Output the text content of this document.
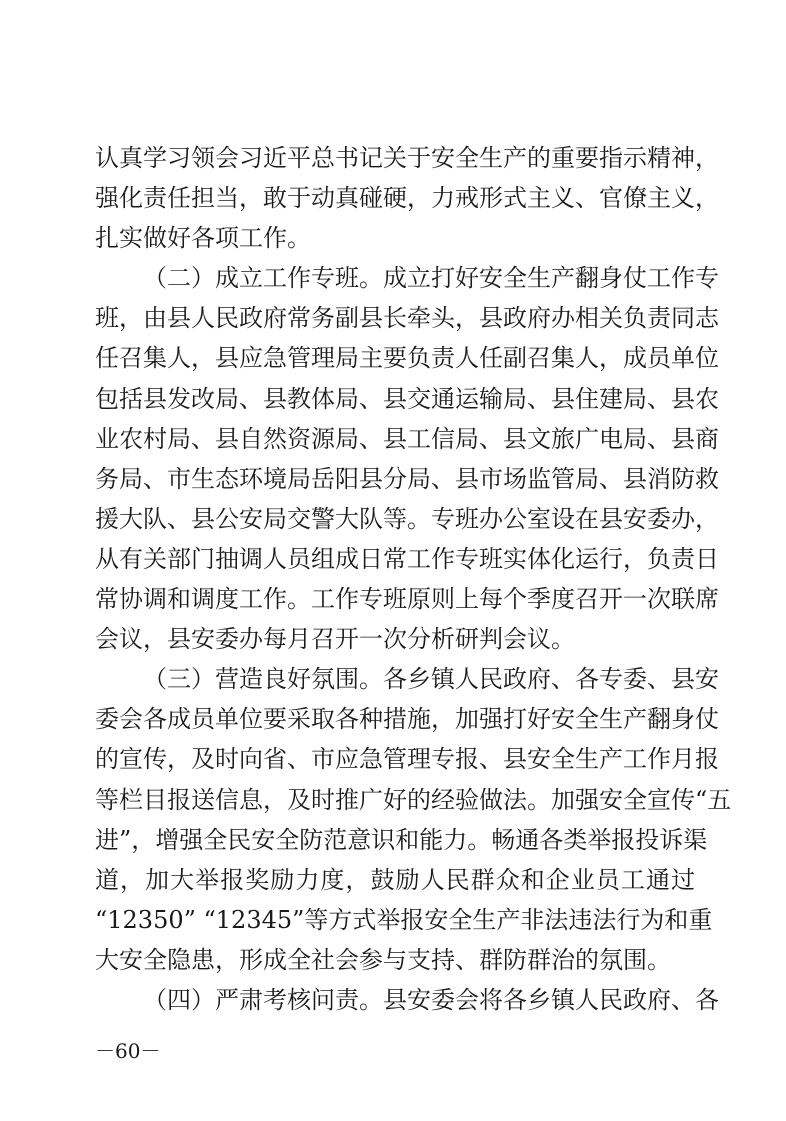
认真学习领会习近平总书记关于安全生产的重要指示精神，
强化责任担当，敢于动真碰硬，力戒形式主义、官僚主义，
扎实做好各项工作。
（二）成立工作专班。成立打好安全生产翻身仗工作专
班，由县人民政府常务副县长牵头，县政府办相关负责同志
任召集人，县应急管理局主要负责人任副召集人，成员单位
包括县发改局、县教体局、县交通运输局、县住建局、县农
业农村局、县自然资源局、县工信局、县文旅广电局、县商
务局、市生态环境局岳阳县分局、县市场监管局、县消防救
援大队、县公安局交警大队等。专班办公室设在县安委办，
从有关部门抽调人员组成日常工作专班实体化运行，负责日
常协调和调度工作。工作专班原则上每个季度召开一次联席
会议，县安委办每月召开一次分析研判会议。
（三）营造良好氛围。各乡镇人民政府、各专委、县安
委会各成员单位要采取各种措施，加强打好安全生产翻身仗
的宣传，及时向省、市应急管理专报、县安全生产工作月报
等栏目报送信息，及时推广好的经验做法。加强安全宣传“五
进”，增强全民安全防范意识和能力。畅通各类举报投诉渠
道，加大举报奖励力度，鼓励人民群众和企业员工通过
“12350” “12345”等方式举报安全生产非法违法行为和重
大安全隐患，形成全社会参与支持、群防群治的氛围。
（四）严肃考核问责。县安委会将各乡镇人民政府、各
－60－
